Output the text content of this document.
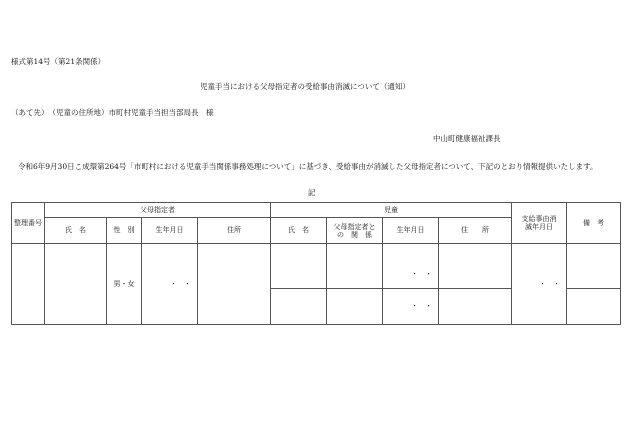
様式第14号（第21条関係）
児童手当における父母指定者の受給事由消滅について（通知）
（あて先）　（児童の住所地）市町村児童手当担当部局長　様
中山町健康福祉課長
令和6年9月30日こ成環第264号「市町村における児童手当関係事務処理について」に基づき、受給事由が消滅した父母指定者について、下記のとおり情報提供いたします。
記
整理番号	父母指定者				児童				支給事由消滅年月日	備　考
	氏　名	性　別	生年月日	住所	氏　名	父母指定者と
の　関　係	生年月日	住　　所		
		男・女	・　・				・　・		・　・	
							・　・			
